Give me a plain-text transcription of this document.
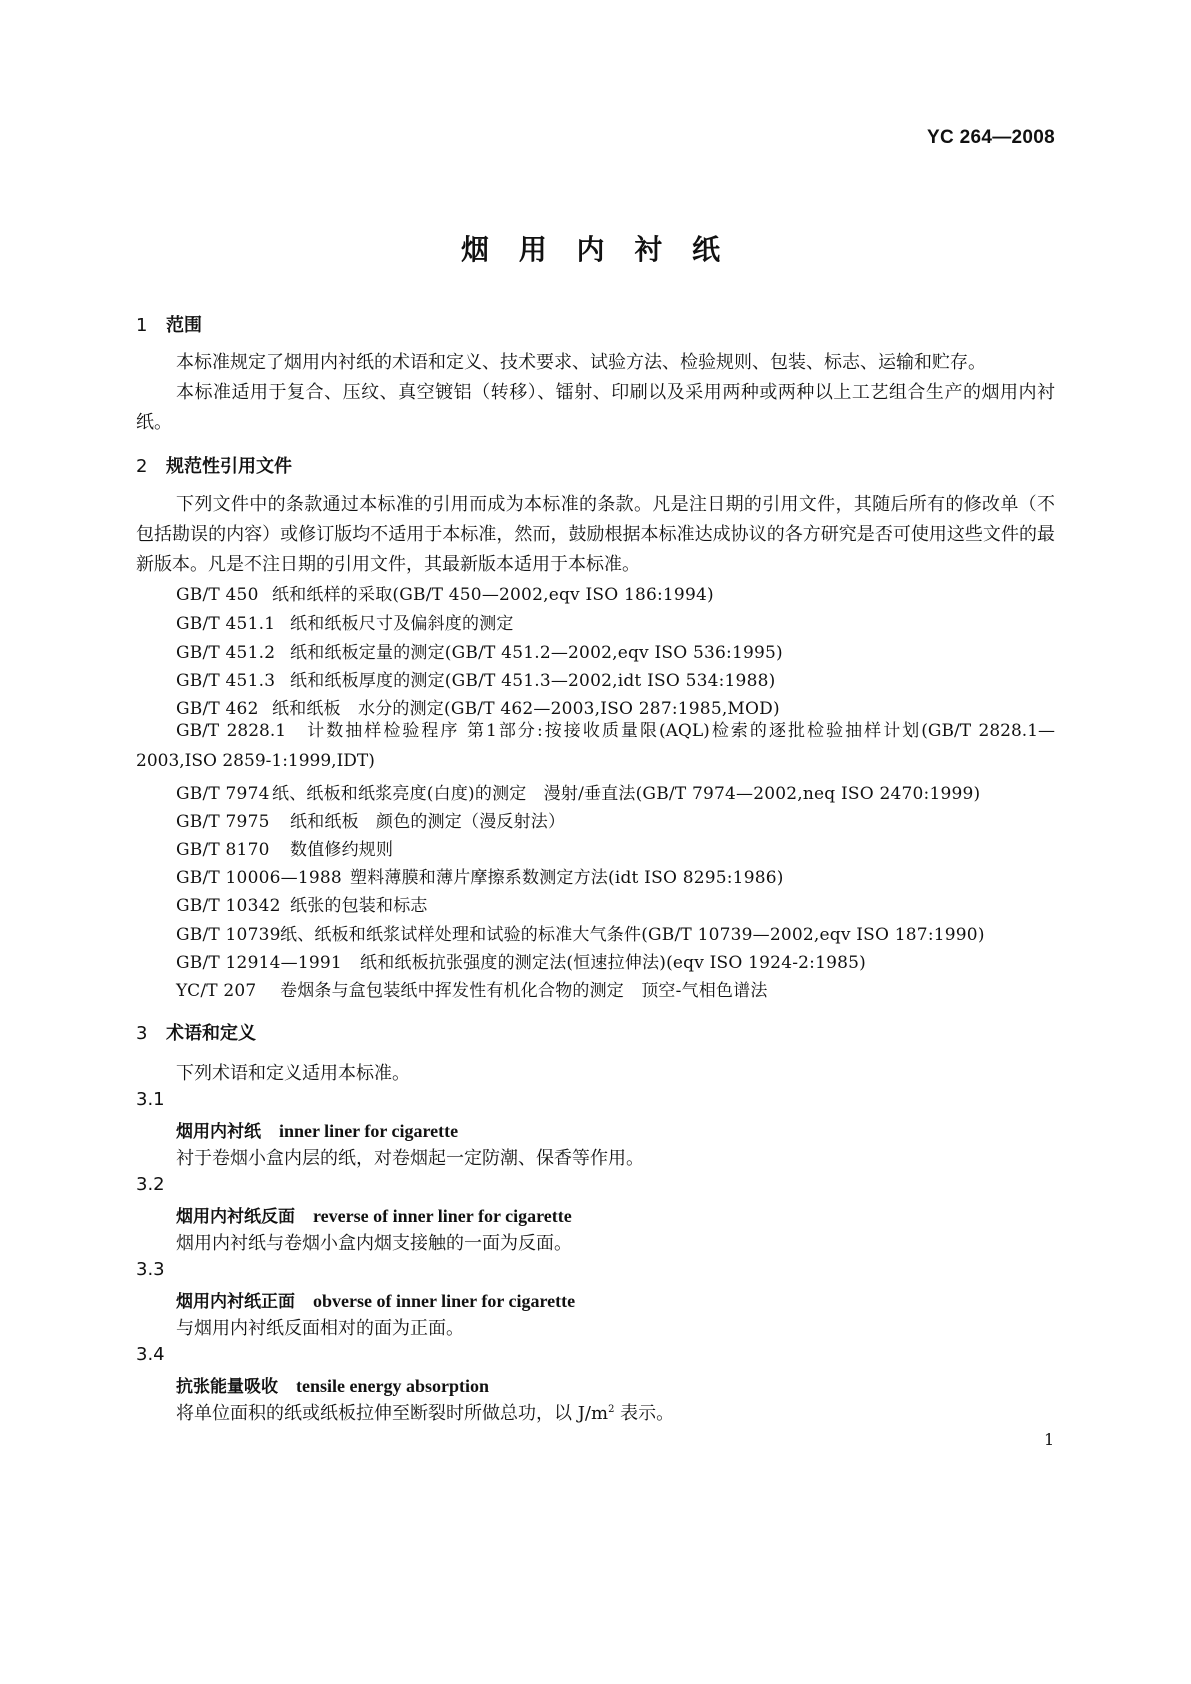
YC 264—2008
烟 用 内 衬 纸
1 范围
本标准规定了烟用内衬纸的术语和定义、技术要求、试验方法、检验规则、包装、标志、运输和贮存。
本标准适用于复合、压纹、真空镀铝（转移）、镭射、印刷以及采用两种或两种以上工艺组合生产的烟用内衬纸。
2 规范性引用文件
下列文件中的条款通过本标准的引用而成为本标准的条款。凡是注日期的引用文件，其随后所有的修改单（不包括勘误的内容）或修订版均不适用于本标准，然而，鼓励根据本标准达成协议的各方研究是否可使用这些文件的最新版本。凡是不注日期的引用文件，其最新版本适用于本标准。
GB/T 450 纸和纸样的采取(GB/T 450—2002,eqv ISO 186:1994)
GB/T 451.1 纸和纸板尺寸及偏斜度的测定
GB/T 451.2 纸和纸板定量的测定(GB/T 451.2—2002,eqv ISO 536:1995)
GB/T 451.3 纸和纸板厚度的测定(GB/T 451.3—2002,idt ISO 534:1988)
GB/T 462 纸和纸板　水分的测定(GB/T 462—2003,ISO 287:1985,MOD)
GB/T 2828.1　 计数抽样检验程序 第1部分:按接收质量限(AQL)检索的逐批检验抽样计划(GB/T 2828.1—2003,ISO 2859-1:1999,IDT)
GB/T 7974 纸、纸板和纸浆亮度(白度)的测定　漫射/垂直法(GB/T 7974—2002,neq ISO 2470:1999)
GB/T 7975 纸和纸板　颜色的测定（漫反射法）
GB/T 8170 数值修约规则
GB/T 10006—1988 塑料薄膜和薄片摩擦系数测定方法(idt ISO 8295:1986)
GB/T 10342 纸张的包装和标志
GB/T 10739纸、纸板和纸浆试样处理和试验的标准大气条件(GB/T 10739—2002,eqv ISO 187:1990)
GB/T 12914—1991 纸和纸板抗张强度的测定法(恒速拉伸法)(eqv ISO 1924-2:1985)
YC/T 207 卷烟条与盒包装纸中挥发性有机化合物的测定　顶空-气相色谱法
3 术语和定义
下列术语和定义适用本标准。
3.1
烟用内衬纸 inner liner for cigarette
衬于卷烟小盒内层的纸，对卷烟起一定防潮、保香等作用。
3.2
烟用内衬纸反面 reverse of inner liner for cigarette
烟用内衬纸与卷烟小盒内烟支接触的一面为反面。
3.3
烟用内衬纸正面 obverse of inner liner for cigarette
与烟用内衬纸反面相对的面为正面。
3.4
抗张能量吸收 tensile energy absorption
将单位面积的纸或纸板拉伸至断裂时所做总功，以 $J/m^2$ 表示。
1
